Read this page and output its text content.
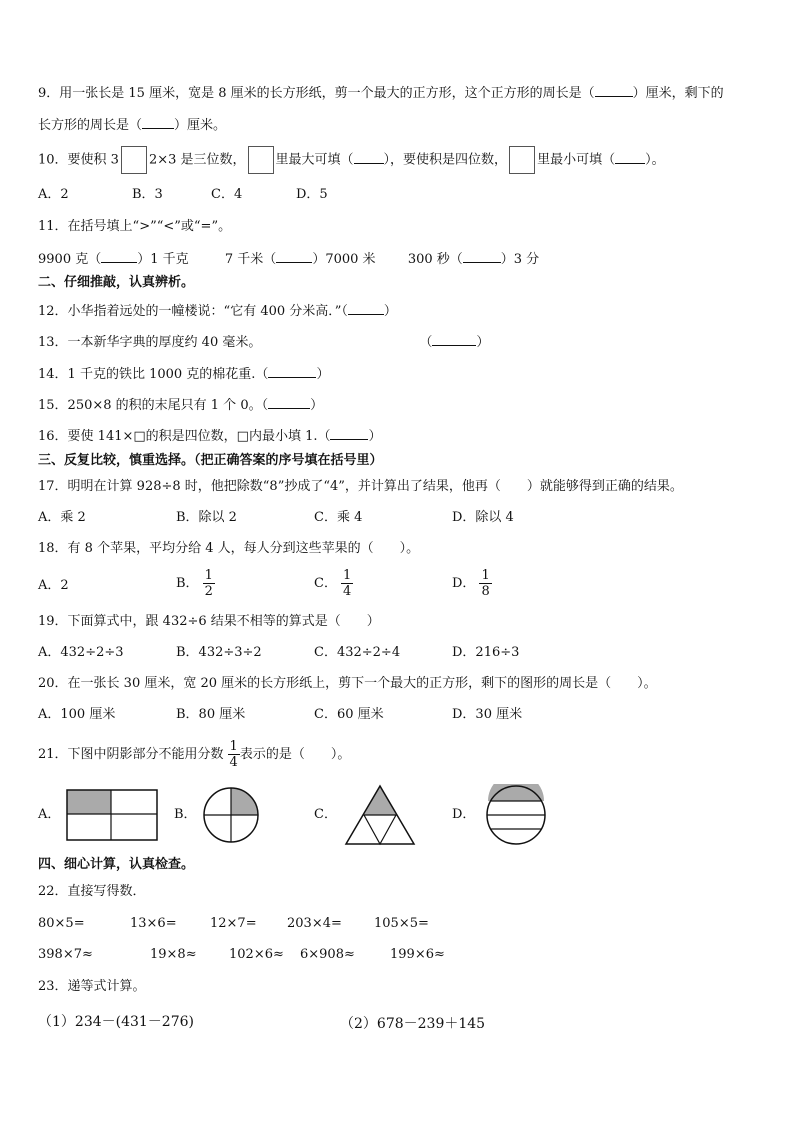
9．用一张长是 15 厘米，宽是 8 厘米的长方形纸，剪一个最大的正方形，这个正方形的周长是（	）厘米，剩下的
长方形的周长是（ ）厘米。
10．要使积 3 2×3 是三位数， 里最大可填（ ），要使积是四位数， 里最小可填（ ）。
A．2	B．3	C．4	D．5
11．在括号填上“>”“<”或“=”。
9900 克（	）1 千克	7 千米（	）7000 米 300 秒（	）3 分
二、仔细推敲，认真辨析。
12．小华指着远处的一幢楼说：“它有 400 分米高．”（	）
13．一本新华字典的厚度约 40 毫米。	（	）
14．1 千克的铁比 1000 克的棉花重.（	）
15．250×8 的积的末尾只有 1 个 0。（	）
16．要使 141×□的积是四位数，□内最小填 1.（	）
三、反复比较，慎重选择。（把正确答案的序号填在括号里）
17．明明在计算 928÷8 时，他把除数“8”抄成了“4”，并计算出了结果，他再（　　）就能够得到正确的结果。
A．乘 2	B．除以 2	C．乘 4	D．除以 4
18．有 8 个苹果，平均分给 4 人，每人分到这些苹果的（　　）。
A．2	B． $\frac{1}{2}$	C． $\frac{1}{4}$	D． $\frac{1}{8}$
19．下面算式中，跟 432÷6 结果不相等的算式是（　　）
A．432÷2÷3	B．432÷3÷2	C．432÷2÷4	D．216÷3
20．在一张长 30 厘米，宽 20 厘米的长方形纸上，剪下一个最大的正方形，剩下的图形的周长是（　　）。
A．100 厘米	B．80 厘米	C．60 厘米	D．30 厘米
21．下图中阴影部分不能用分数 $\frac{1}{4}$ 表示的是（　　）。
A．	B．	C．	D．
四、细心计算，认真检查。
22．直接写得数．
80×5=	13×6=	12×7= 203×4= 105×5=
398×7≈	19×8≈ 102×6≈ 6×908≈	199×6≈
23．递等式计算。
（1）234－(431－276)	（2）678－239＋145
